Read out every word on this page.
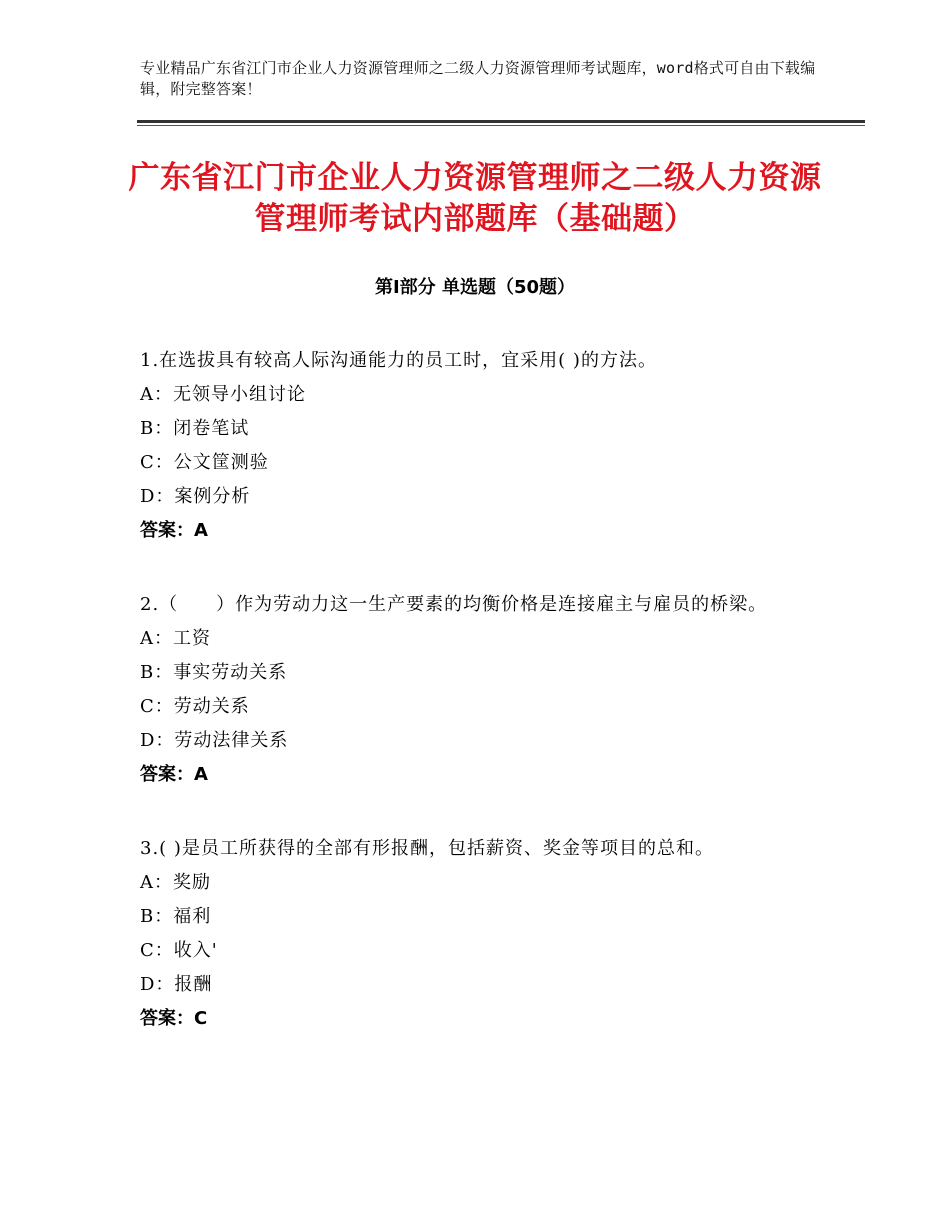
专业精品广东省江门市企业人力资源管理师之二级人力资源管理师考试题库，word格式可自由下载编辑，附完整答案！
广东省江门市企业人力资源管理师之二级人力资源管理师考试内部题库（基础题）
第Ⅰ部分 单选题（50题）
1.在选拔具有较高人际沟通能力的员工时，宜采用( )的方法。
A：无领导小组讨论
B：闭卷笔试
C：公文筐测验
D：案例分析
答案：A
2.（　　）作为劳动力这一生产要素的均衡价格是连接雇主与雇员的桥梁。
A：工资
B：事实劳动关系
C：劳动关系
D：劳动法律关系
答案：A
3.( )是员工所获得的全部有形报酬，包括薪资、奖金等项目的总和。
A：奖励
B：福利
C：收入'
D：报酬
答案：C
